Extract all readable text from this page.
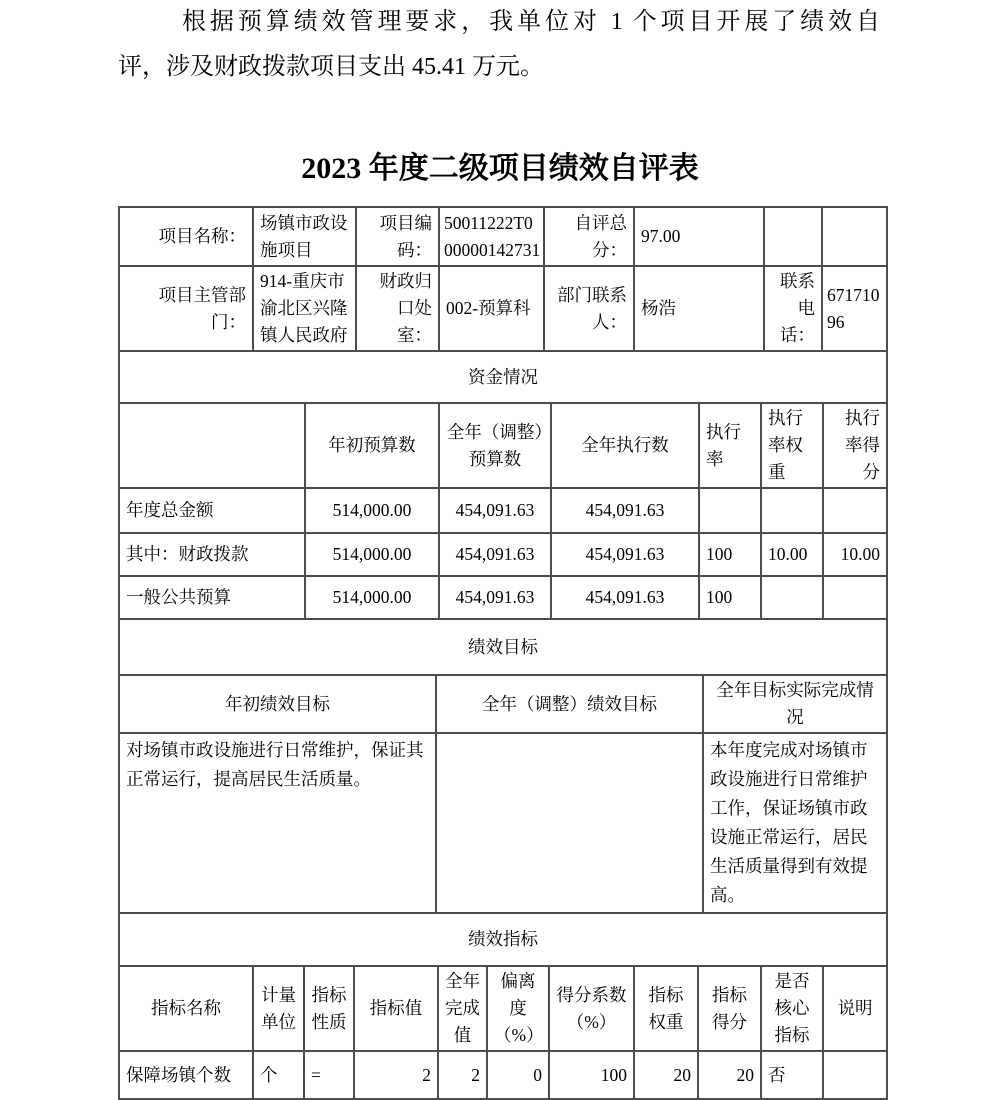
根据预算绩效管理要求，我单位对 1 个项目开展了绩效自
评，涉及财政拨款项目支出 45.41 万元。
2023 年度二级项目绩效自评表
项目名称：	场镇市政设施项目	项目编码：	50011222T000000142731	自评总分：	97.00		
项目主管部门：	914-重庆市渝北区兴隆镇人民政府	财政归口处室：	002-预算科	部门联系人：	杨浩	联系电话：	67171096
资金情况						
	年初预算数	全年（调整）预算数	全年执行数	执行率	执行率权重	执行率得分
年度总金额	514,000.00	454,091.63	454,091.63			
其中：财政拨款	514,000.00	454,091.63	454,091.63	100	10.00	10.00
一般公共预算	514,000.00	454,091.63	454,091.63	100		
绩效目标		
年初绩效目标	全年（调整）绩效目标	全年目标实际完成情况
对场镇市政设施进行日常维护，保证其正常运行，提高居民生活质量。		本年度完成对场镇市政设施进行日常维护工作，保证场镇市政设施正常运行，居民生活质量得到有效提高。
绩效指标										
指标名称	计量单位	指标性质	指标值	全年完成值	偏离度（%）	得分系数（%）	指标权重	指标得分	是否核心指标	说明
保障场镇个数	个	=	2	2	0	100	20	20	否	
